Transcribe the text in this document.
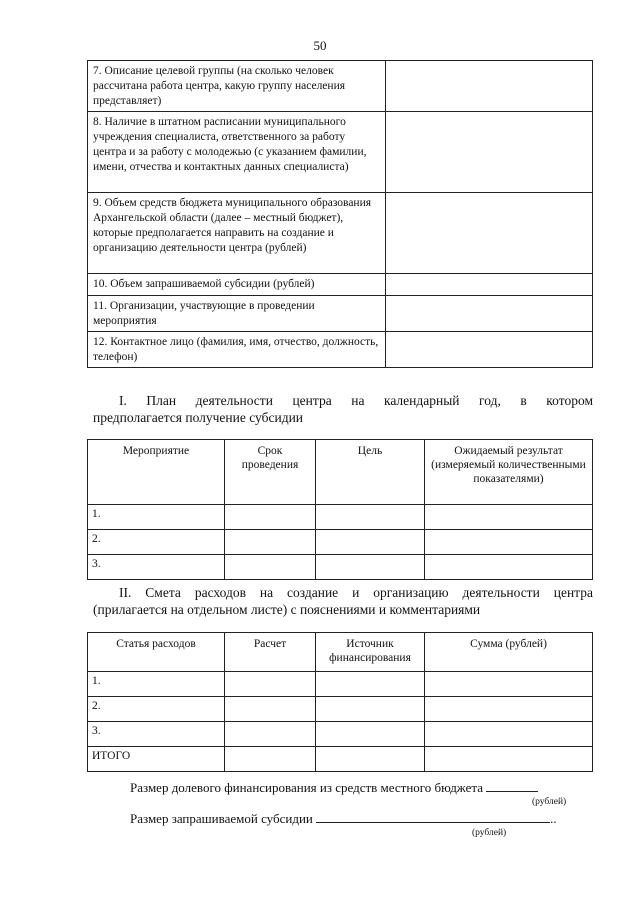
50
7. Описание целевой группы (на сколько человек рассчитана работа центра, какую группу населения представляет)	
8. Наличие в штатном расписании муниципального учреждения специалиста, ответственного за работу центра и за работу с молодежью (с указанием фамилии, имени, отчества и контактных данных специалиста)	
9. Объем средств бюджета муниципального образования Архангельской области (далее – местный бюджет), которые предполагается направить на создание и организацию деятельности центра (рублей)	
10. Объем запрашиваемой субсидии (рублей)	
11. Организации, участвующие в проведении мероприятия	
12. Контактное лицо (фамилия, имя, отчество, должность, телефон)	
I. План деятельности центра на календарный год, в котором
предполагается получение субсидии
Мероприятие	Срок проведения	Цель	Ожидаемый результат (измеряемый количественными показателями)
1.			
2.			
3.			
II. Смета расходов на создание и организацию деятельности центра
(прилагается на отдельном листе) с пояснениями и комментариями
Статья расходов	Расчет	Источник финансирования	Сумма (рублей)
1.			
2.			
3.			
ИТОГО			
Размер долевого финансирования из средств местного бюджета
(рублей)
Размер запрашиваемой субсидии	..
(рублей)
